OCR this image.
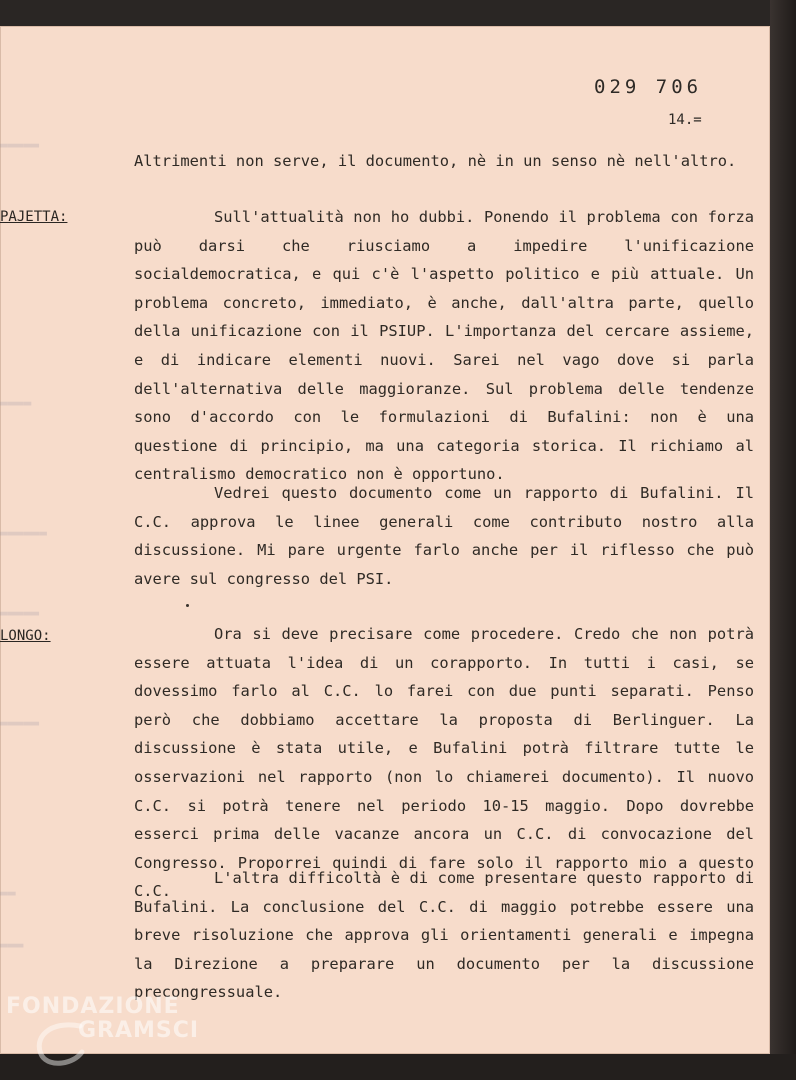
029 706
14.=
▬▬▬▬▬
▬▬▬▬
▬▬▬▬▬▬
▬▬▬▬▬
▬▬▬▬▬
▬▬
▬▬▬

Altrimenti non serve, il documento, nè in un senso nè nell'altro.

PAJETTA:	Sull'attualità non ho dubbi. Ponendo il problema con forza può darsi che riusciamo a impedire l'unificazione socialdemocratica, e qui c'è l'aspetto politico e più attuale. Un problema concreto, immediato, è anche, dall'altra parte, quello della unificazione con il PSIUP. L'importanza del cercare assieme, e di indicare elementi nuovi. Sarei nel vago dove si parla dell'alternativa delle maggioranze. Sul problema delle tendenze sono d'accordo con le formulazioni di Bufalini: non è una questione di principio, ma una categoria storica. Il richiamo al centralismo democratico non è opportuno.

Vedrei questo documento come un rapporto di Bufalini. Il C.C. approva le linee generali come contributo nostro alla discussione. Mi pare urgente farlo anche per il riflesso che può avere sul congresso del PSI.

LONGO:	Ora si deve precisare come procedere. Credo che non potrà essere attuata l'idea di un corapporto. In tutti i casi, se dovessimo farlo al C.C. lo farei con due punti separati. Penso però che dobbiamo accettare la proposta di Berlinguer. La discussione è stata utile, e Bufalini potrà filtrare tutte le osservazioni nel rapporto (non lo chiamerei documento). Il nuovo C.C. si potrà tenere nel periodo 10-15 maggio. Dopo dovrebbe esserci prima delle vacanze ancora un C.C. di convocazione del Congresso. Proporrei quindi di fare solo il rapporto mio a questo C.C.

L'altra difficoltà è di come presentare questo rapporto di Bufalini. La conclusione del C.C. di maggio potrebbe essere una breve risoluzione che approva gli orientamenti generali e impegna la Direzione a preparare un documento per la discussione precongressuale.

FONDAZIONE
GRAMSCI
